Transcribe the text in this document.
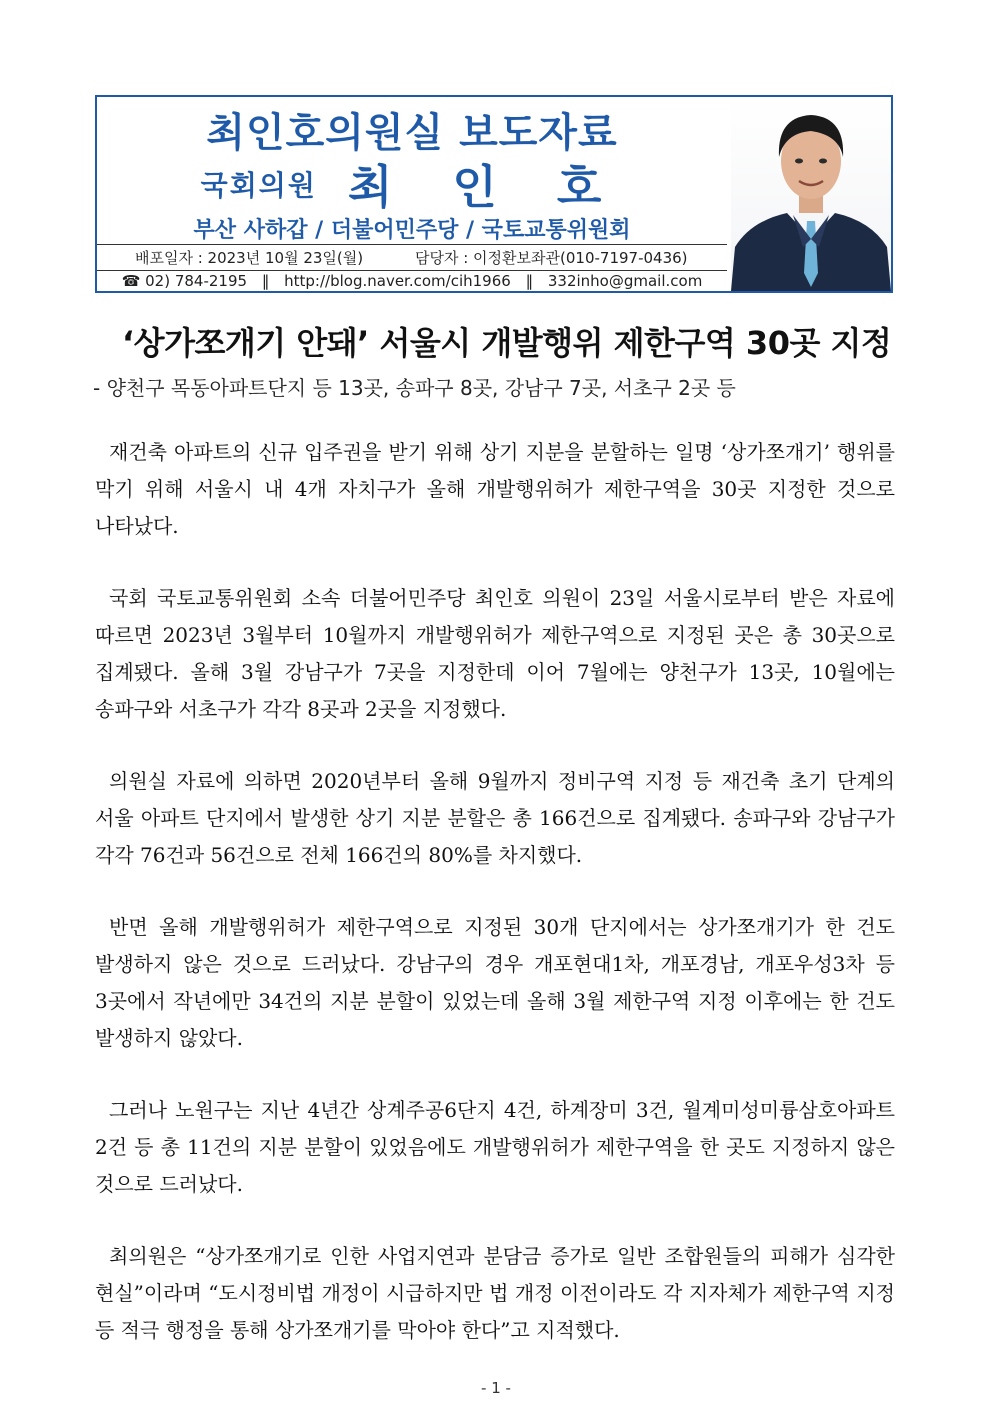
최인호의원실 보도자료
국회의원 최 인 호
부산 사하갑 / 더불어민주당 / 국토교통위원회
배포일자 : 2023년 10월 23일(월)	담당자 : 이정환보좌관(010-7197-0436)
☎ 02) 784-2195 ‖ http://blog.naver.com/cih1966 ‖ 332inho@gmail.com
‘상가쪼개기 안돼’ 서울시 개발행위 제한구역 30곳 지정
- 양천구 목동아파트단지 등 13곳, 송파구 8곳, 강남구 7곳, 서초구 2곳 등

재건축 아파트의 신규 입주권을 받기 위해 상기 지분을 분할하는 일명 ‘상가쪼개기’ 행위를 막기 위해 서울시 내 4개 자치구가 올해 개발행위허가 제한구역을 30곳 지정한 것으로 나타났다.

국회 국토교통위원회 소속 더불어민주당 최인호 의원이 23일 서울시로부터 받은 자료에 따르면 2023년 3월부터 10월까지 개발행위허가 제한구역으로 지정된 곳은 총 30곳으로 집계됐다. 올해 3월 강남구가 7곳을 지정한데 이어 7월에는 양천구가 13곳, 10월에는 송파구와 서초구가 각각 8곳과 2곳을 지정했다.

의원실 자료에 의하면 2020년부터 올해 9월까지 정비구역 지정 등 재건축 초기 단계의 서울 아파트 단지에서 발생한 상기 지분 분할은 총 166건으로 집계됐다. 송파구와 강남구가 각각 76건과 56건으로 전체 166건의 80%를 차지했다.

반면 올해 개발행위허가 제한구역으로 지정된 30개 단지에서는 상가쪼개기가 한 건도 발생하지 않은 것으로 드러났다. 강남구의 경우 개포현대1차, 개포경남, 개포우성3차 등 3곳에서 작년에만 34건의 지분 분할이 있었는데 올해 3월 제한구역 지정 이후에는 한 건도 발생하지 않았다.

그러나 노원구는 지난 4년간 상계주공6단지 4건, 하계장미 3건, 월계미성미륭삼호아파트 2건 등 총 11건의 지분 분할이 있었음에도 개발행위허가 제한구역을 한 곳도 지정하지 않은 것으로 드러났다.

최의원은 “상가쪼개기로 인한 사업지연과 분담금 증가로 일반 조합원들의 피해가 심각한 현실”이라며 “도시정비법 개정이 시급하지만 법 개정 이전이라도 각 지자체가 제한구역 지정 등 적극 행정을 통해 상가쪼개기를 막아야 한다”고 지적했다.

- 1 -
